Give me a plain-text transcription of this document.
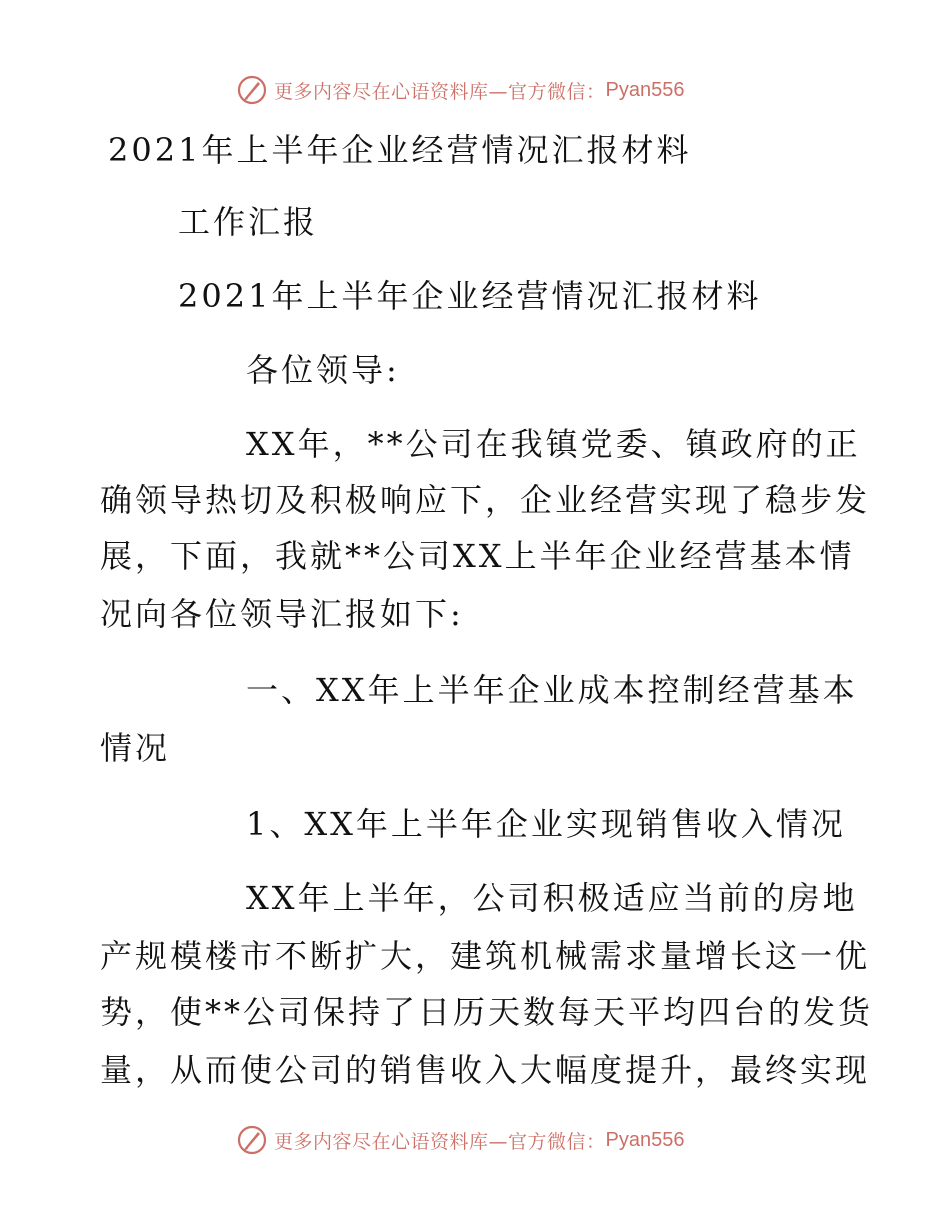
更多内容尽在心语资料库—官方微信： Pyan556
2021年上半年企业经营情况汇报材料
工作汇报
2021年上半年企业经营情况汇报材料
各位领导:
XX年，**公司在我镇党委、镇政府的正
确领导热切及积极响应下，企业经营实现了稳步发
展，下面，我就**公司XX上半年企业经营基本情
况向各位领导汇报如下:
一、XX年上半年企业成本控制经营基本
情况
1、XX年上半年企业实现销售收入情况
XX年上半年，公司积极适应当前的房地
产规模楼市不断扩大，建筑机械需求量增长这一优
势，使**公司保持了日历天数每天平均四台的发货
量，从而使公司的销售收入大幅度提升，最终实现
更多内容尽在心语资料库—官方微信： Pyan556
